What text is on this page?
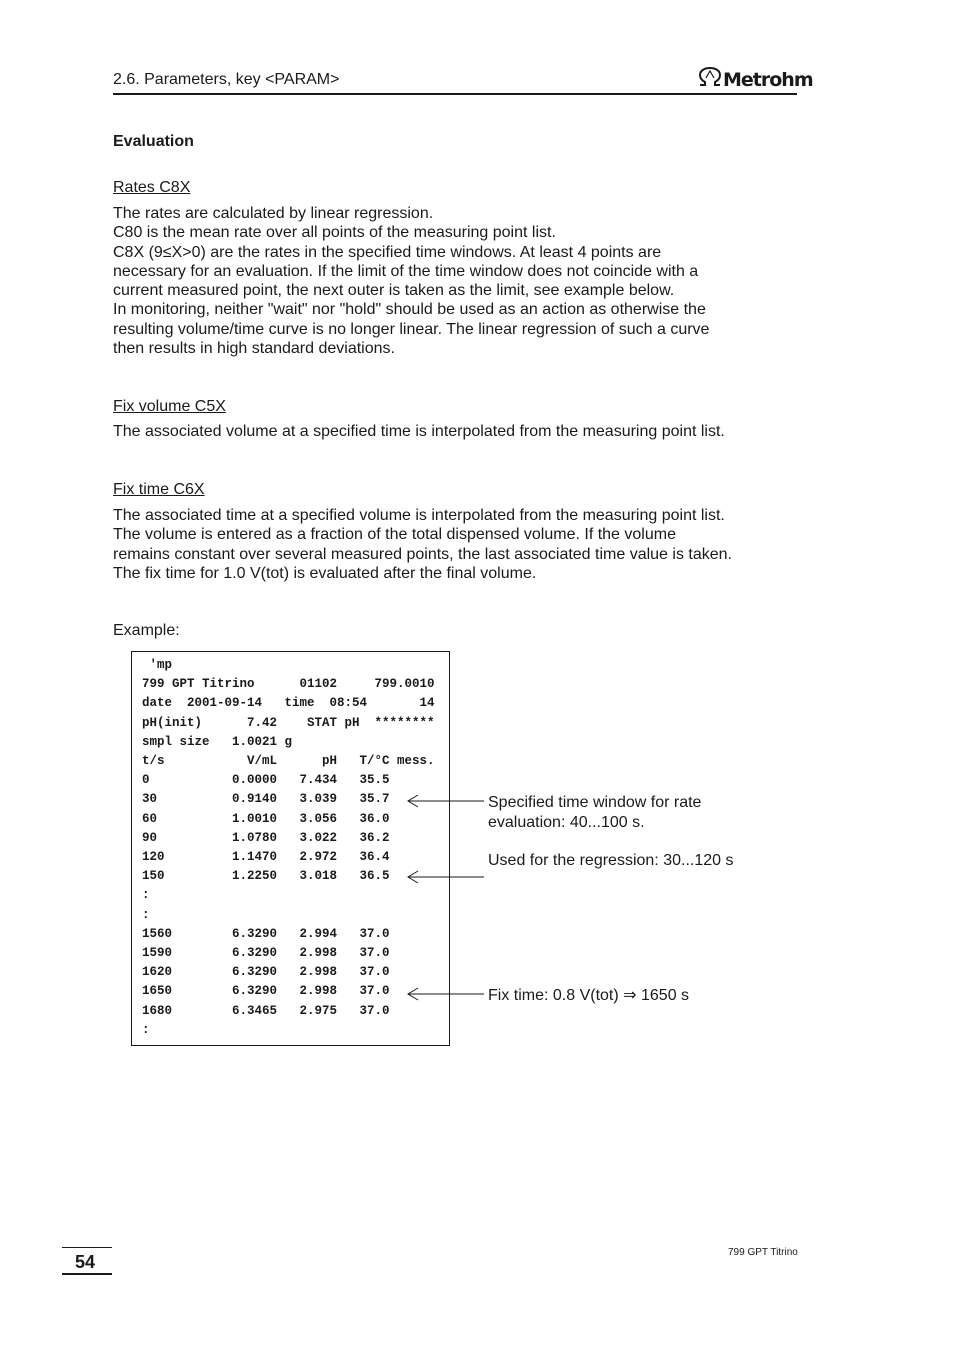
2.6. Parameters, key <PARAM>	Metrohm
Evaluation
Rates C8X

The rates are calculated by linear regression.

C80 is the mean rate over all points of the measuring point list.

C8X (9≤X>0) are the rates in the specified time windows. At least 4 points are necessary for an evaluation. If the limit of the time window does not coincide with a current measured point, the next outer is taken as the limit, see example below.

In monitoring, neither "wait" nor "hold" should be used as an action as otherwise the resulting volume/time curve is no longer linear. The linear regression of such a curve then results in high standard deviations.

Fix volume C5X
The associated volume at a specified time is interpolated from the measuring point list.
Fix time C6X

The associated time at a specified volume is interpolated from the measuring point list. The volume is entered as a fraction of the total dispensed volume. If the volume remains constant over several measured points, the last associated time value is taken.

The fix time for 1.0 V(tot) is evaluated after the final volume.

Example:
'mp
799 GPT Titrino      01102     799.0010
date  2001-09-14   time  08:54       14
pH(init)      7.42    STAT pH  ********
smpl size   1.0021 g
t/s           V/mL      pH   T/°C mess.
0           0.0000   7.434   35.5
30          0.9140   3.039   35.7
60          1.0010   3.056   36.0
90          1.0780   3.022   36.2
120         1.1470   2.972   36.4
150         1.2250   3.018   36.5
:
:
1560        6.3290   2.994   37.0
1590        6.3290   2.998   37.0
1620        6.3290   2.998   37.0
1650        6.3290   2.998   37.0
1680        6.3465   2.975   37.0
:
Specified time window for rate evaluation: 40...100 s.
Used for the regression: 30...120 s
Fix time: 0.8 V(tot) ⇒ 1650 s
54	799 GPT Titrino
